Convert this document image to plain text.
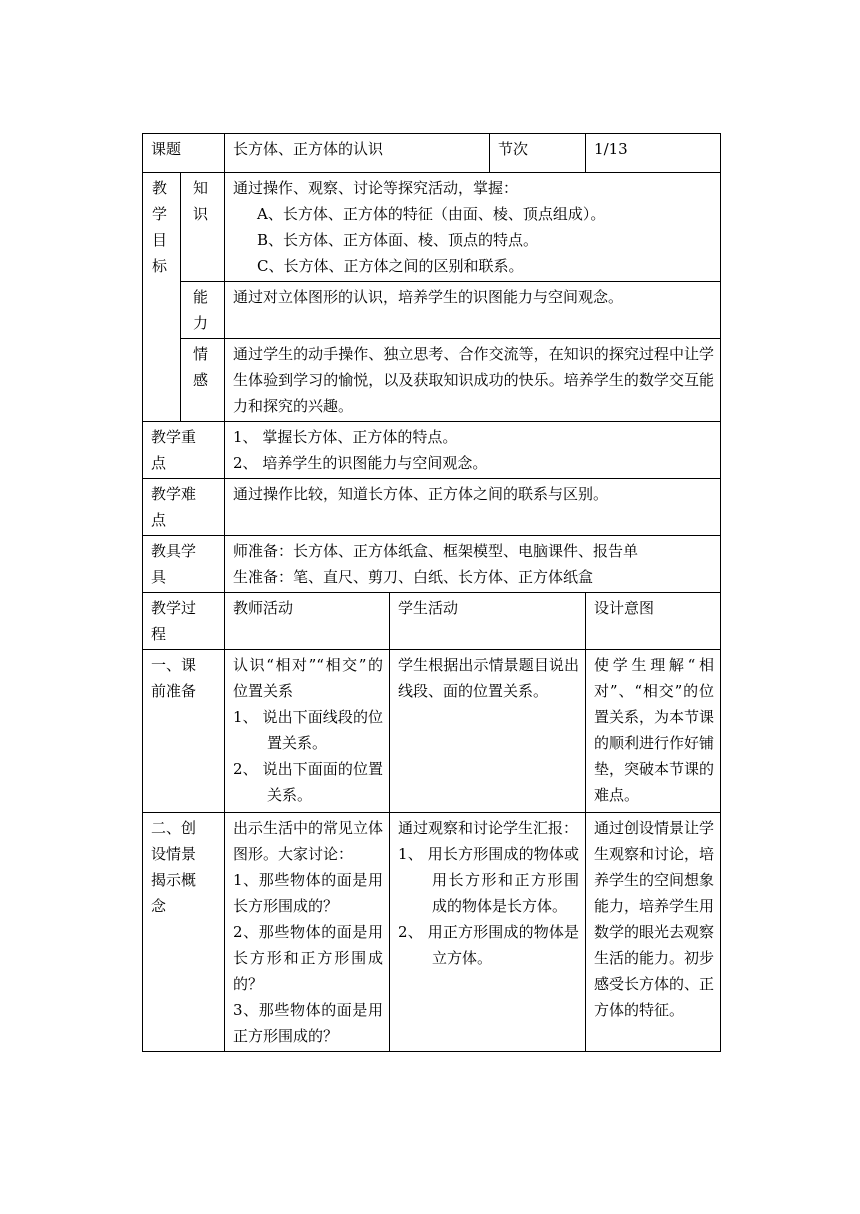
课题		长方体、正方体的认识		节次	1/13
教学目标	知识	通过操作、观察、讨论等探究活动，掌握：
A、长方体、正方体的特征（由面、棱、顶点组成）。
B、长方体、正方体面、棱、顶点的特点。
C、长方体、正方体之间的区别和联系。			

	能力	通过对立体图形的认识，培养学生的识图能力与空间观念。			
	情感	通过学生的动手操作、独立思考、合作交流等，在知识的探究过程中让学生体验到学习的愉悦，以及获取知识成功的快乐。培养学生的数学交互能力和探究的兴趣。			
教学重点		1、 掌握长方体、正方体的特点。
2、 培养学生的识图能力与空间观念。			

教学难点		通过操作比较，知道长方体、正方体之间的联系与区别。			
教具学具		师准备：长方体、正方体纸盒、框架模型、电脑课件、报告单
生准备：笔、直尺、剪刀、白纸、长方体、正方体纸盒			

教学过程		教师活动	学生活动		设计意图
一、课前准备		认识“相对”“相交”的位置关系
1、 说出下面线段的位置关系。
2、 说出下面面的位置关系。	学生根据出示情景题目说出线段、面的位置关系。		使学生理解“相对”、“相交”的位置关系，为本节课的顺利进行作好铺垫，突破本节课的难点。
二、创设情景揭示概念		出示生活中的常见立体图形。大家讨论：
1、那些物体的面是用长方形围成的？
2、那些物体的面是用长方形和正方形围成的？
3、那些物体的面是用正方形围成的？	通过观察和讨论学生汇报：
1、 用长方形围成的物体或用长方形和正方形围成的物体是长方体。
2、 用正方形围成的物体是立方体。		通过创设情景让学生观察和讨论，培养学生的空间想象能力，培养学生用数学的眼光去观察生活的能力。初步感受长方体的、正方体的特征。
